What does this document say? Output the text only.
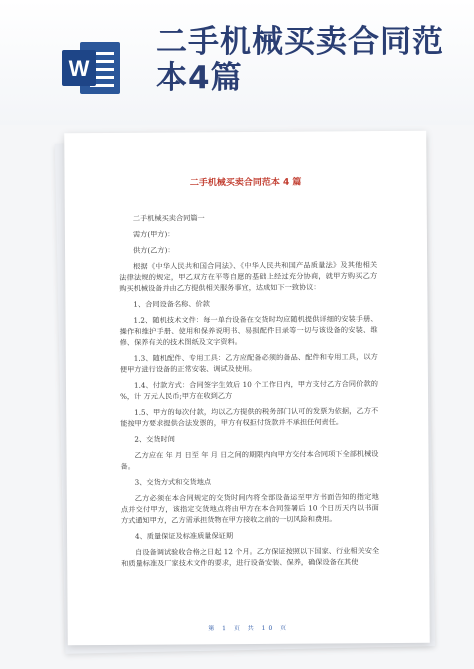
W
二手机械买卖合同范本4篇
二手机械买卖合同范本 4 篇

二手机械买卖合同篇一

需方(甲方)：

供方(乙方)：

根据《中华人民共和国合同法》、《中华人民共和国产品质量法》及其他相关法律法规的规定，甲乙双方在平等自愿的基础上经过充分协商，就甲方购买乙方购买机械设备并由乙方提供相关服务事宜，达成如下一致协议：

1、合同设备名称、价款

1.2、随机技术文件：每一单台设备在交货时均应随机提供详细的安装手册、操作和维护手册、使用和保养说明书、易损配件目录等一切与该设备的安装、维修、保养有关的技术图纸及文字资料。

1.3、随机配件、专用工具：乙方应配备必须的备品、配件和专用工具，以方便甲方进行设备的正常安装、调试及使用。

1.4、付款方式：合同签字生效后 10 个工作日内，甲方支付乙方合同价款的 %，计 万元人民币;甲方在收到乙方

1.5、甲方的每次付款，均以乙方提供的税务部门认可的发票为依据，乙方不能按甲方要求提供合法发票的，甲方有权拒付货款并不承担任何责任。

2、交货时间

乙方应在 年 月 日至 年 月 日之间的期限内向甲方交付本合同项下全部机械设备。

3、交货方式和交货地点

乙方必须在本合同规定的交货时间内将全部设备运至甲方书面告知的指定地点并交付甲方，该指定交货地点将由甲方在本合同签署后 10 个日历天内以书面方式通知甲方，乙方需承担货物在甲方接收之前的一切风险和费用。

4、质量保证及标准质量保证期

自设备调试验收合格之日起 12 个月。乙方保证按照以下国家、行业相关安全和质量标准及厂家技术文件的要求，进行设备安装、保养，确保设备在其使

第 1 页 共 10 页
